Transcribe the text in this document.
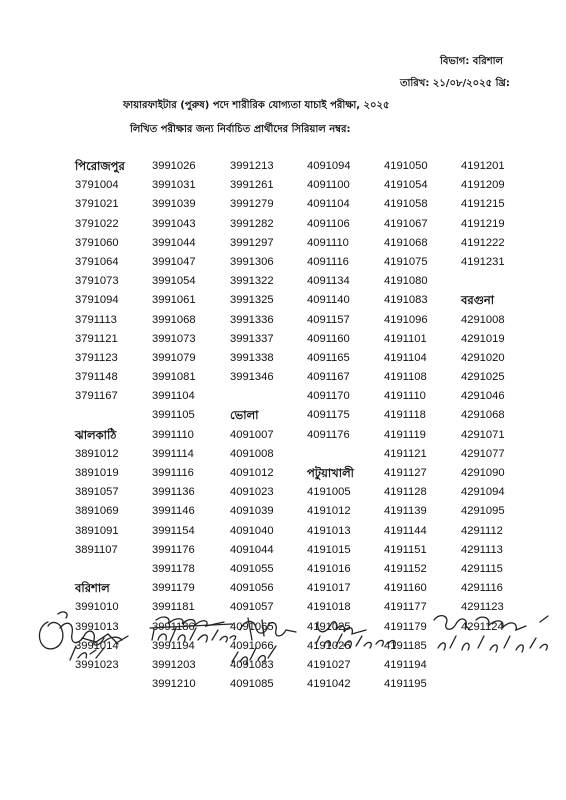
বিভাগ: বরিশাল
তারিখ: ২১/০৮/২০২৫ খ্রি:
ফায়ারফাইটার (পুরুষ) পদে শারীরিক যোগ্যতা যাচাই পরীক্ষা, ২০২৫
লিখিত পরীক্ষার জন্য নির্বাচিত প্রার্থীদের সিরিয়াল নম্বর:
পিরোজপুর
3791004
3791021
3791022
3791060
3791064
3791073
3791094
3791113
3791121
3791123
3791148
3791167
ঝালকাঠি
3891012
3891019
3891057
3891069
3891091
3891107
বরিশাল
3991010
3991013
3991014
3991023
3991026
3991031
3991039
3991043
3991044
3991047
3991054
3991061
3991068
3991073
3991079
3991081
3991104
3991105
3991110
3991114
3991116
3991136
3991146
3991154
3991176
3991178
3991179
3991181
3991186
3991194
3991203
3991210
3991213
3991261
3991279
3991282
3991297
3991306
3991322
3991325
3991336
3991337
3991338
3991346
ভোলা
4091007
4091008
4091012
4091023
4091039
4091040
4091044
4091055
4091056
4091057
4091065
4091066
4091083
4091085
4091094
4091100
4091104
4091106
4091110
4091116
4091134
4091140
4091157
4091160
4091165
4091167
4091170
4091175
4091176
পটুয়াখালী
4191005
4191012
4191013
4191015
4191016
4191017
4191018
4191025
4191026
4191027
4191042
4191050
4191054
4191058
4191067
4191068
4191075
4191080
4191083
4191096
4191101
4191104
4191108
4191110
4191118
4191119
4191121
4191127
4191128
4191139
4191144
4191151
4191152
4191160
4191177
4191179
4191185
4191194
4191195
4191201
4191209
4191215
4191219
4191222
4191231
বরগুনা
4291008
4291019
4291020
4291025
4291046
4291068
4291071
4291077
4291090
4291094
4291095
4291112
4291113
4291115
4291116
4291123
4291124
